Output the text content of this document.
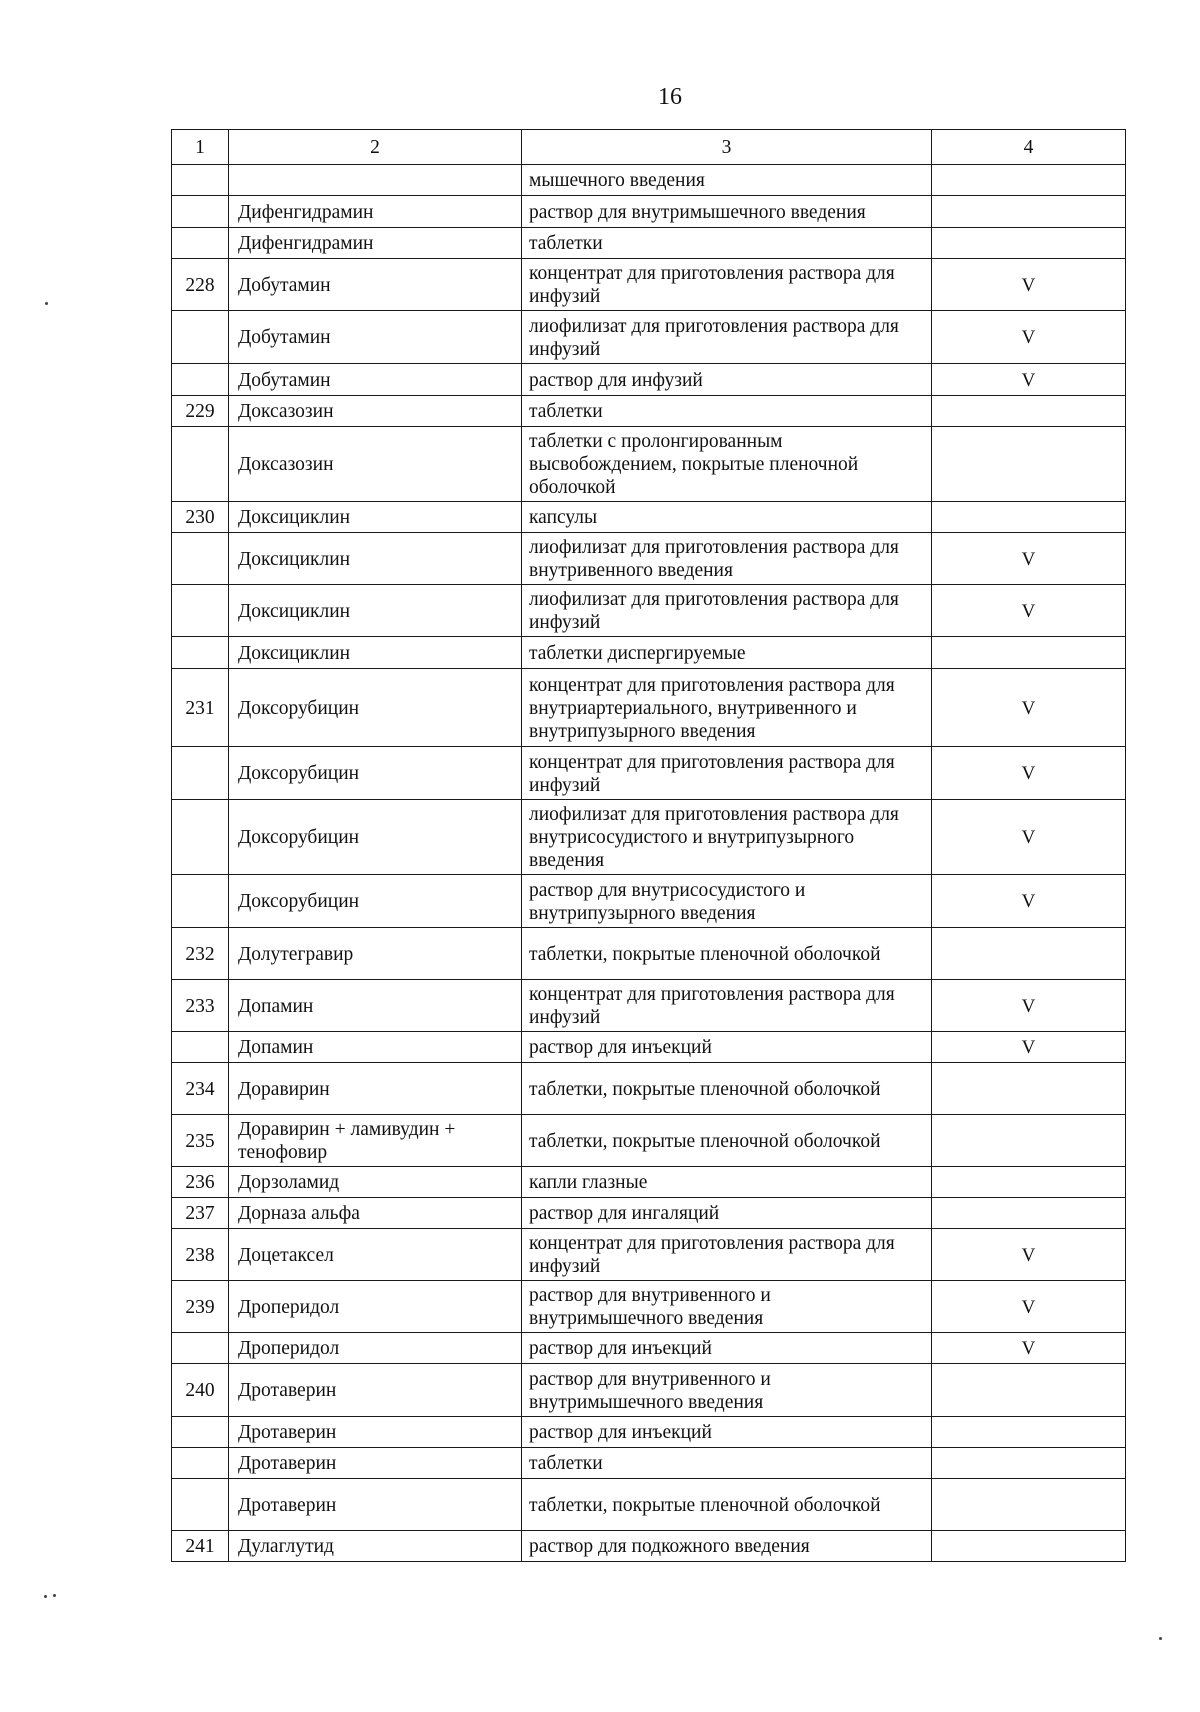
16
1	2	3	4
		мышечного введения	
	Дифенгидрамин	раствор для внутримышечного введения	
	Дифенгидрамин	таблетки	
228	Добутамин	концентрат для приготовления раствора для инфузий	V
	Добутамин	лиофилизат для приготовления раствора для инфузий	V
	Добутамин	раствор для инфузий	V
229	Доксазозин	таблетки	
	Доксазозин	таблетки с пролонгированным высвобождением, покрытые пленочной оболочкой	
230	Доксициклин	капсулы	
	Доксициклин	лиофилизат для приготовления раствора для внутривенного введения	V
	Доксициклин	лиофилизат для приготовления раствора для инфузий	V
	Доксициклин	таблетки диспергируемые	
231	Доксорубицин	концентрат для приготовления раствора для внутриартериального, внутривенного и внутрипузырного введения	V
	Доксорубицин	концентрат для приготовления раствора для инфузий	V
	Доксорубицин	лиофилизат для приготовления раствора для внутрисосудистого и внутрипузырного введения	V
	Доксорубицин	раствор для внутрисосудистого и внутрипузырного введения	V
232	Долутегравир	таблетки, покрытые пленочной оболочкой	
233	Допамин	концентрат для приготовления раствора для инфузий	V
	Допамин	раствор для инъекций	V
234	Доравирин	таблетки, покрытые пленочной оболочкой	
235	Доравирин + ламивудин + тенофовир	таблетки, покрытые пленочной оболочкой	
236	Дорзоламид	капли глазные	
237	Дорназа альфа	раствор для ингаляций	
238	Доцетаксел	концентрат для приготовления раствора для инфузий	V
239	Дроперидол	раствор для внутривенного и внутримышечного введения	V
	Дроперидол	раствор для инъекций	V
240	Дротаверин	раствор для внутривенного и внутримышечного введения	
	Дротаверин	раствор для инъекций	
	Дротаверин	таблетки	
	Дротаверин	таблетки, покрытые пленочной оболочкой	
241	Дулаглутид	раствор для подкожного введения	
